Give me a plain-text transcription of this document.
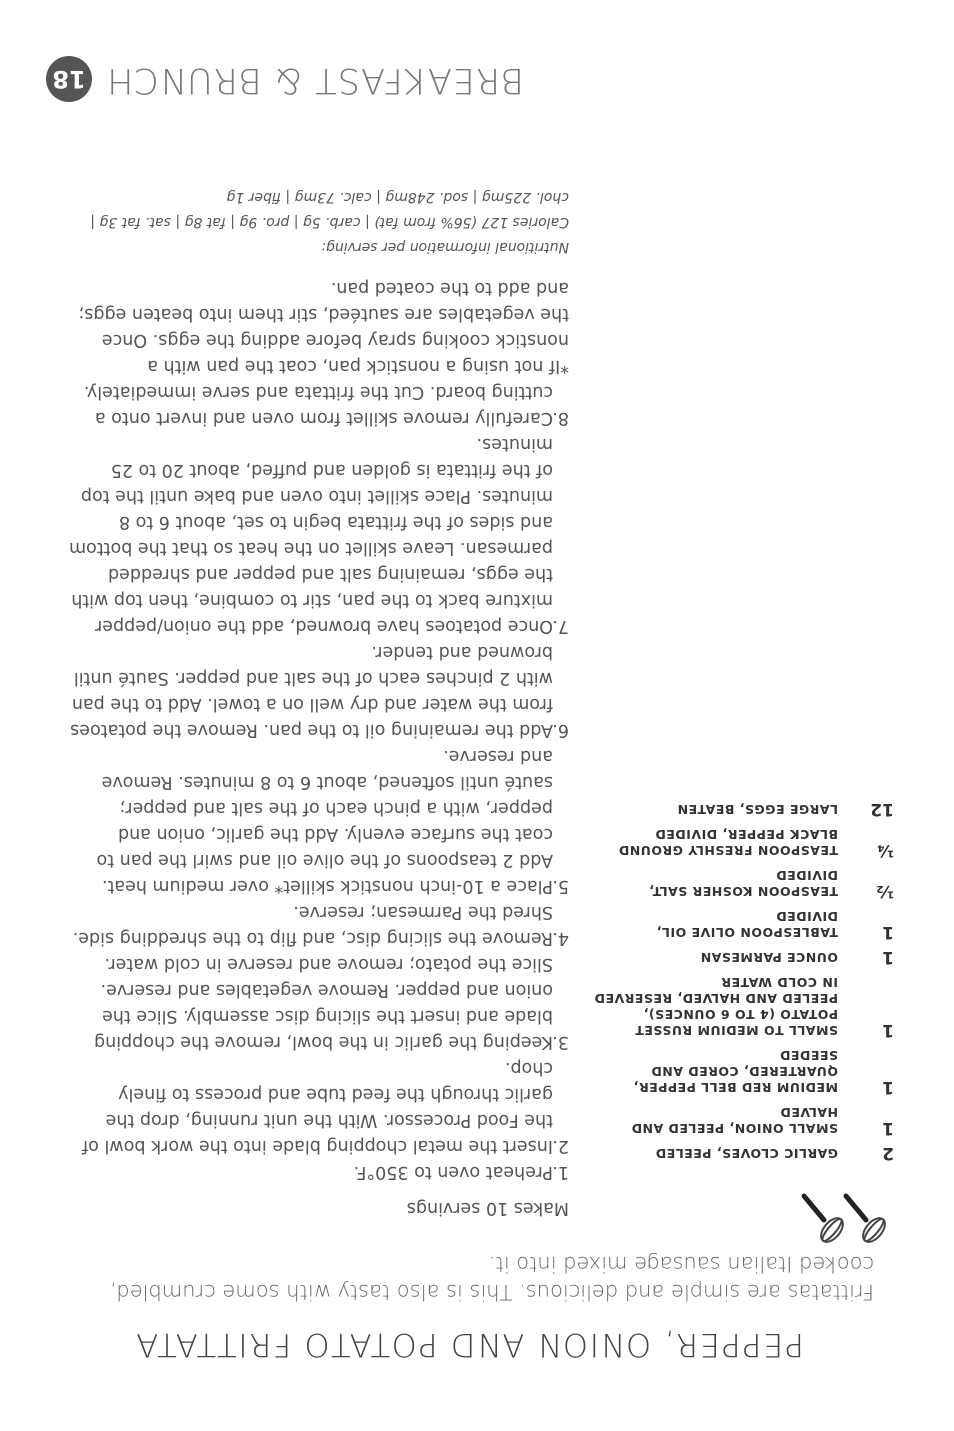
PEPPER, ONION AND POTATO FRITTATA

Frittatas are simple and delicious. This is also tasty with some crumbled, cooked Italian sausage mixed into it.

2
GARLIC CLOVES, PEELED
1
SMALL ONION, PEELED AND HALVED
1
MEDIUM RED BELL PEPPER, QUARTERED, CORED AND SEEDED
1
SMALL TO MEDIUM RUSSET POTATO (4 TO 6 OUNCES), PEELED AND HALVED, RESERVED IN COLD WATER
1
OUNCE PARMESAN
1
TABLESPOON OLIVE OIL, DIVIDED
½
TEASPOON KOSHER SALT, DIVIDED
¼
TEASPOON FRESHLY GROUND BLACK PEPPER, DIVIDED
12
LARGE EGGS, BEATEN

Makes 10 servings

1.
Preheat oven to 350°F.
2.
Insert the metal chopping blade into the work bowl of the Food Processor. With the unit running, drop the garlic through the feed tube and process to finely chop.
3.
Keeping the garlic in the bowl, remove the chopping blade and insert the slicing disc assembly. Slice the onion and pepper. Remove vegetables and reserve. Slice the potato; remove and reserve in cold water.
4.
Remove the slicing disc, and flip to the shredding side. Shred the Parmesan; reserve.
5.
Place a 10-inch nonstick skillet* over medium heat. Add 2 teaspoons of the olive oil and swirl the pan to coat the surface evenly. Add the garlic, onion and pepper, with a pinch each of the salt and pepper; sauté until softened, about 6 to 8 minutes. Remove and reserve.
6.
Add the remaining oil to the pan. Remove the potatoes from the water and dry well on a towel. Add to the pan with 2 pinches each of the salt and pepper. Sauté until browned and tender.
7.
Once potatoes have browned, add the onion/pepper mixture back to the pan, stir to combine, then top with the eggs, remaining salt and pepper and shredded parmesan. Leave skillet on the heat so that the bottom and sides of the frittata begin to set, about 6 to 8 minutes. Place skillet into oven and bake until the top of the frittata is golden and puffed, about 20 to 25 minutes.
8.
Carefully remove skillet from oven and invert onto a cutting board. Cut the frittata and serve immediately.

*If not using a nonstick pan, coat the pan with a nonstick cooking spray before adding the eggs. Once the vegetables are sautéed, stir them into beaten eggs; and add to the coated pan.

Nutritional information per serving:
Calories 127 (56% from fat) | carb. 5g | pro. 9g | fat 8g | sat. fat 3g | chol. 225mg | sod. 248mg | calc. 73mg | fiber 1g
BREAKFAST & BRUNCH
18
